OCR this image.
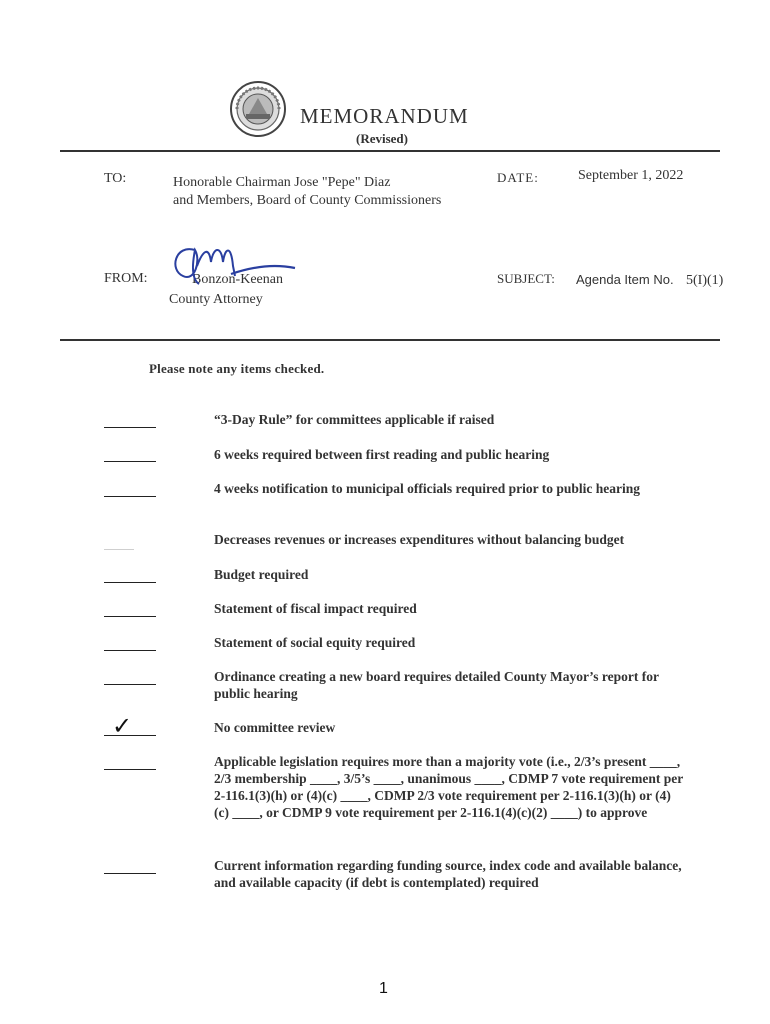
MEMORANDUM
(Revised)
TO:	Honorable Chairman Jose "Pepe" Diaz
and Members, Board of County Commissioners
DATE:	September 1, 2022
FROM:	Bonzon-Keenan
County Attorney
SUBJECT: Agenda Item No. 5(I)(1)
Please note any items checked.
“3-Day Rule” for committees applicable if raised
6 weeks required between first reading and public hearing
4 weeks notification to municipal officials required prior to public hearing
Decreases revenues or increases expenditures without balancing budget
Budget required
Statement of fiscal impact required
Statement of social equity required
Ordinance creating a new board requires detailed County Mayor’s report for public hearing
✓	No committee review
Applicable legislation requires more than a majority vote (i.e., 2/3’s present ____, 2/3 membership ____, 3/5’s ____, unanimous ____, CDMP 7 vote requirement per 2-116.1(3)(h) or (4)(c) ____, CDMP 2/3 vote requirement per 2-116.1(3)(h) or (4)(c) ____, or CDMP 9 vote requirement per 2-116.1(4)(c)(2) ____) to approve
Current information regarding funding source, index code and available balance, and available capacity (if debt is contemplated) required
1
